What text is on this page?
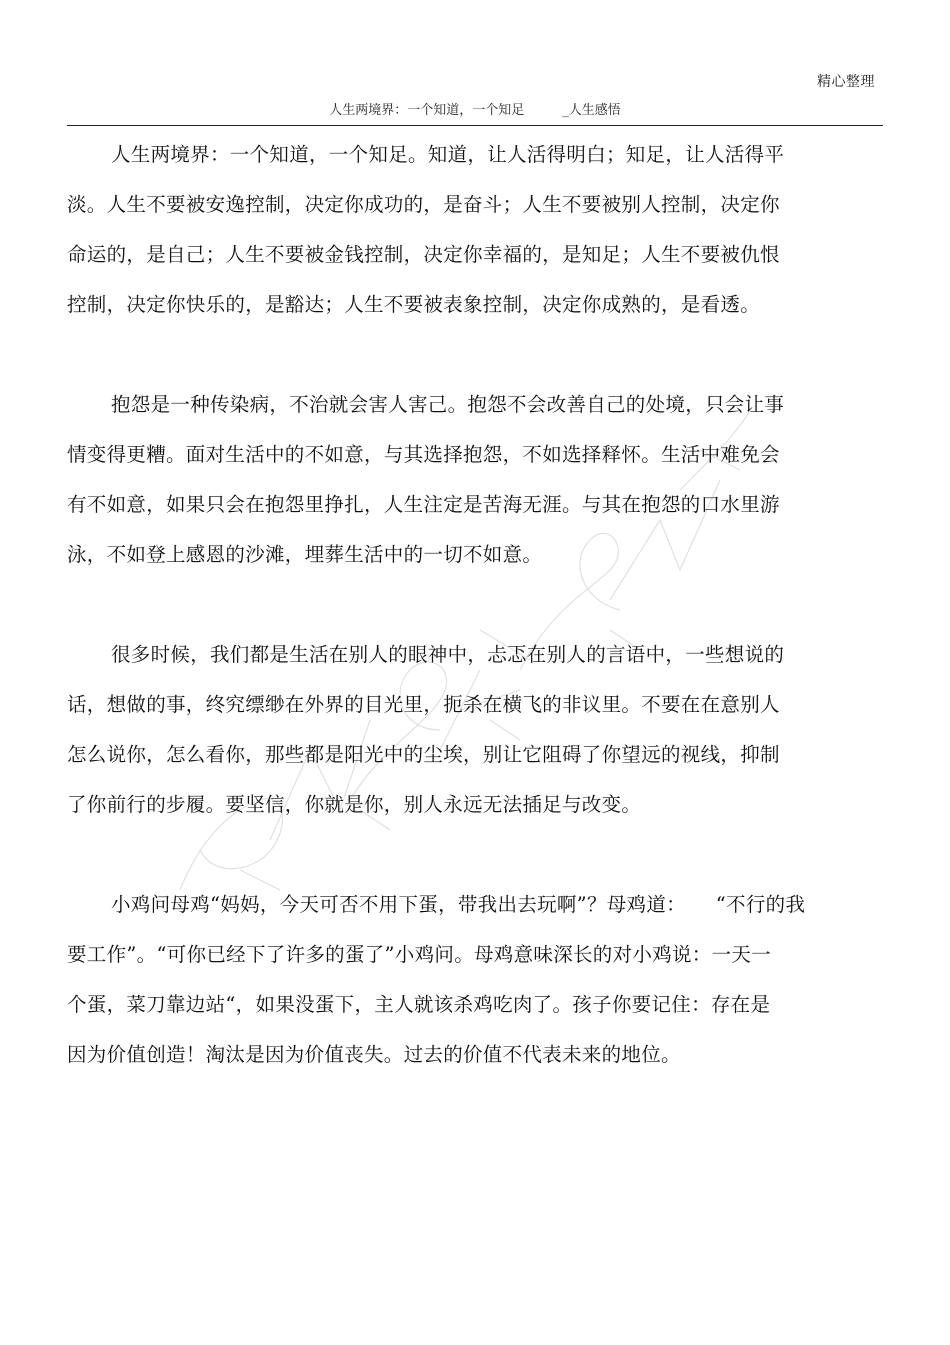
精心整理
人生两境界：一个知道，一个知足	_人生感悟

人生两境界：一个知道，一个知足。知道，让人活得明白；知足，让人活得平
淡。人生不要被安逸控制，决定你成功的，是奋斗；人生不要被别人控制，决定你
命运的，是自己；人生不要被金钱控制，决定你幸福的，是知足；人生不要被仇恨
控制，决定你快乐的，是豁达；人生不要被表象控制，决定你成熟的，是看透。

抱怨是一种传染病，不治就会害人害己。抱怨不会改善自己的处境，只会让事
情变得更糟。面对生活中的不如意，与其选择抱怨，不如选择释怀。生活中难免会
有不如意，如果只会在抱怨里挣扎，人生注定是苦海无涯。与其在抱怨的口水里游
泳，不如登上感恩的沙滩，埋葬生活中的一切不如意。

很多时候，我们都是生活在别人的眼神中，忐忑在别人的言语中，一些想说的
话，想做的事，终究缥缈在外界的目光里，扼杀在横飞的非议里。不要在在意别人
怎么说你，怎么看你，那些都是阳光中的尘埃，别让它阻碍了你望远的视线，抑制
了你前行的步履。要坚信，你就是你，别人永远无法插足与改变。

小鸡问母鸡“妈妈，今天可否不用下蛋，带我出去玩啊”？母鸡道：　　“不行的我
要工作”。“可你已经下了许多的蛋了”小鸡问。母鸡意味深长的对小鸡说：一天一
个蛋，菜刀靠边站“，如果没蛋下，主人就该杀鸡吃肉了。孩子你要记住：存在是
因为价值创造！淘汰是因为价值丧失。过去的价值不代表未来的地位。
